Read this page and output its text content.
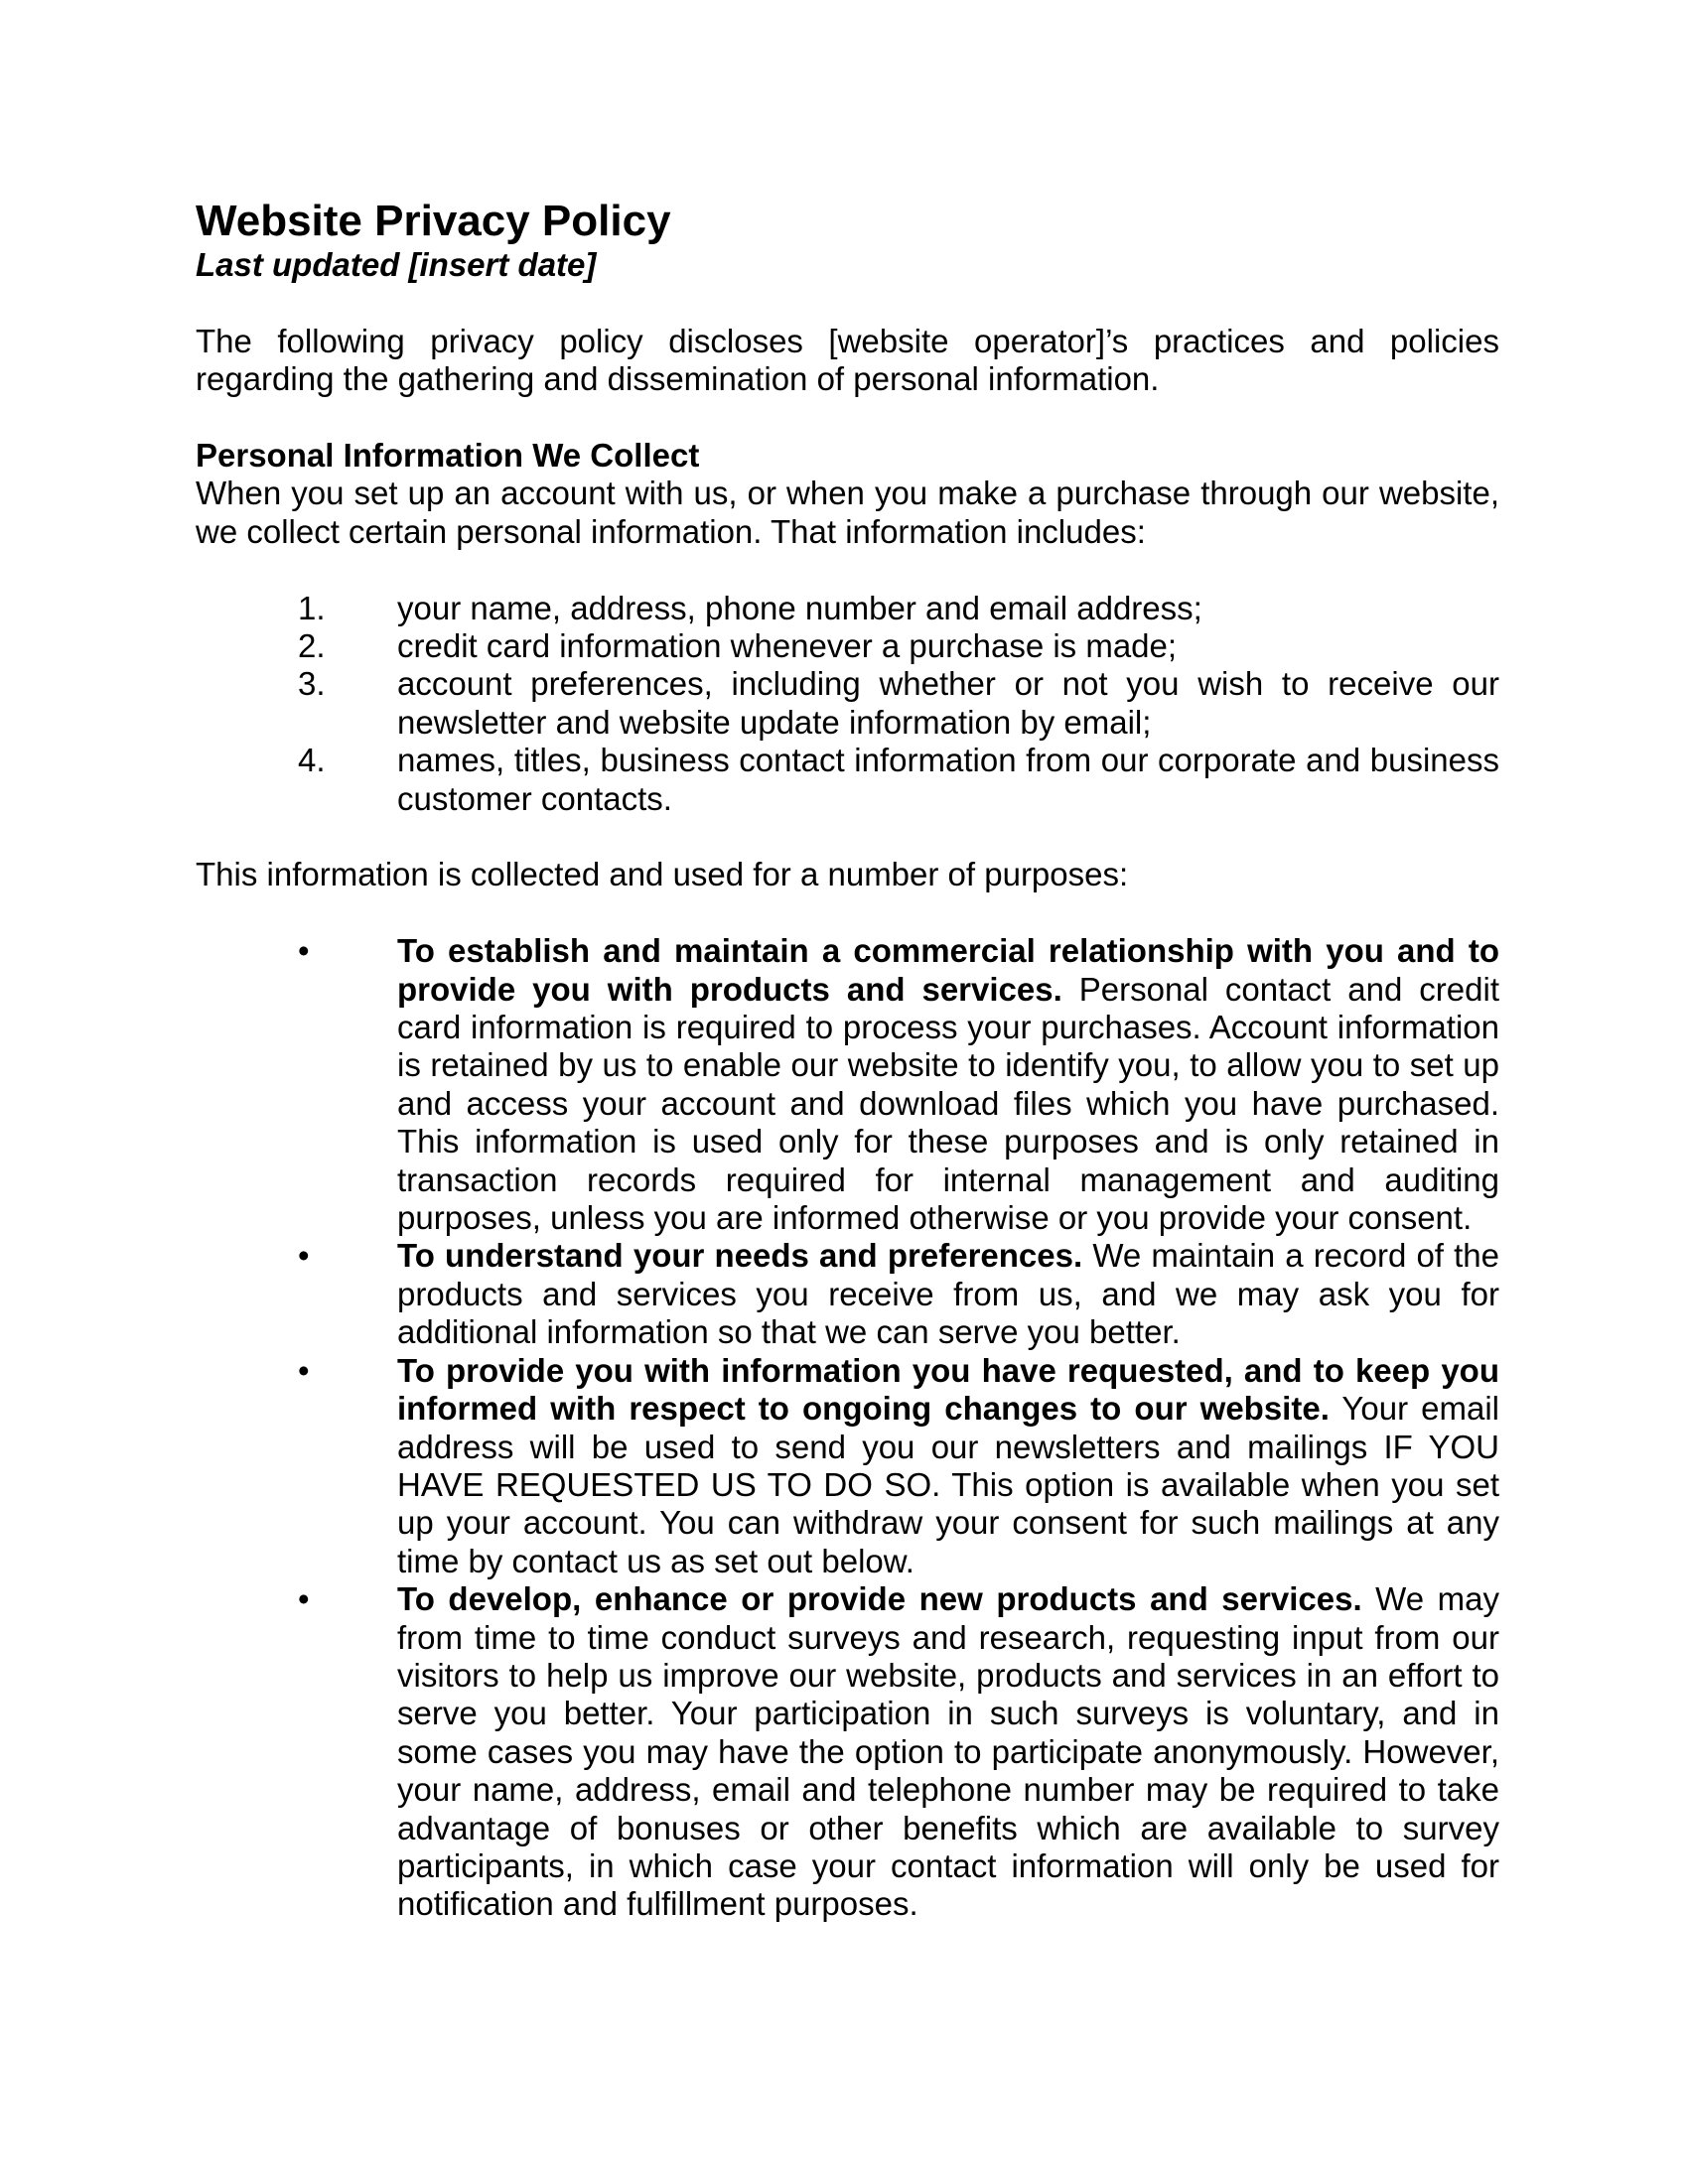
Website Privacy Policy

Last updated [insert date]

The following privacy policy discloses [website operator]’s practices and policies regarding the gathering and dissemination of personal information.

Personal Information We Collect

When you set up an account with us, or when you make a purchase through our website, we collect certain personal information. That information includes:

1. your name, address, phone number and email address;
2. credit card information whenever a purchase is made;
3. account preferences, including whether or not you wish to receive our newsletter and website update information by email;
4. names, titles, business contact information from our corporate and business customer contacts.

This information is collected and used for a number of purposes:

•	To establish and maintain a commercial relationship with you and to provide you with products and services. Personal contact and credit card information is required to process your purchases. Account information is retained by us to enable our website to identify you, to allow you to set up and access your account and download files which you have purchased. This information is used only for these purposes and is only retained in transaction records required for internal management and auditing purposes, unless you are informed otherwise or you provide your consent.
•	To understand your needs and preferences. We maintain a record of the products and services you receive from us, and we may ask you for additional information so that we can serve you better.
•	To provide you with information you have requested, and to keep you informed with respect to ongoing changes to our website. Your email address will be used to send you our newsletters and mailings IF YOU HAVE REQUESTED US TO DO SO. This option is available when you set up your account. You can withdraw your consent for such mailings at any time by contact us as set out below.
•	To develop, enhance or provide new products and services. We may from time to time conduct surveys and research, requesting input from our visitors to help us improve our website, products and services in an effort to serve you better. Your participation in such surveys is voluntary, and in some cases you may have the option to participate anonymously. However, your name, address, email and telephone number may be required to take advantage of bonuses or other benefits which are available to survey participants, in which case your contact information will only be used for notification and fulfillment purposes.
